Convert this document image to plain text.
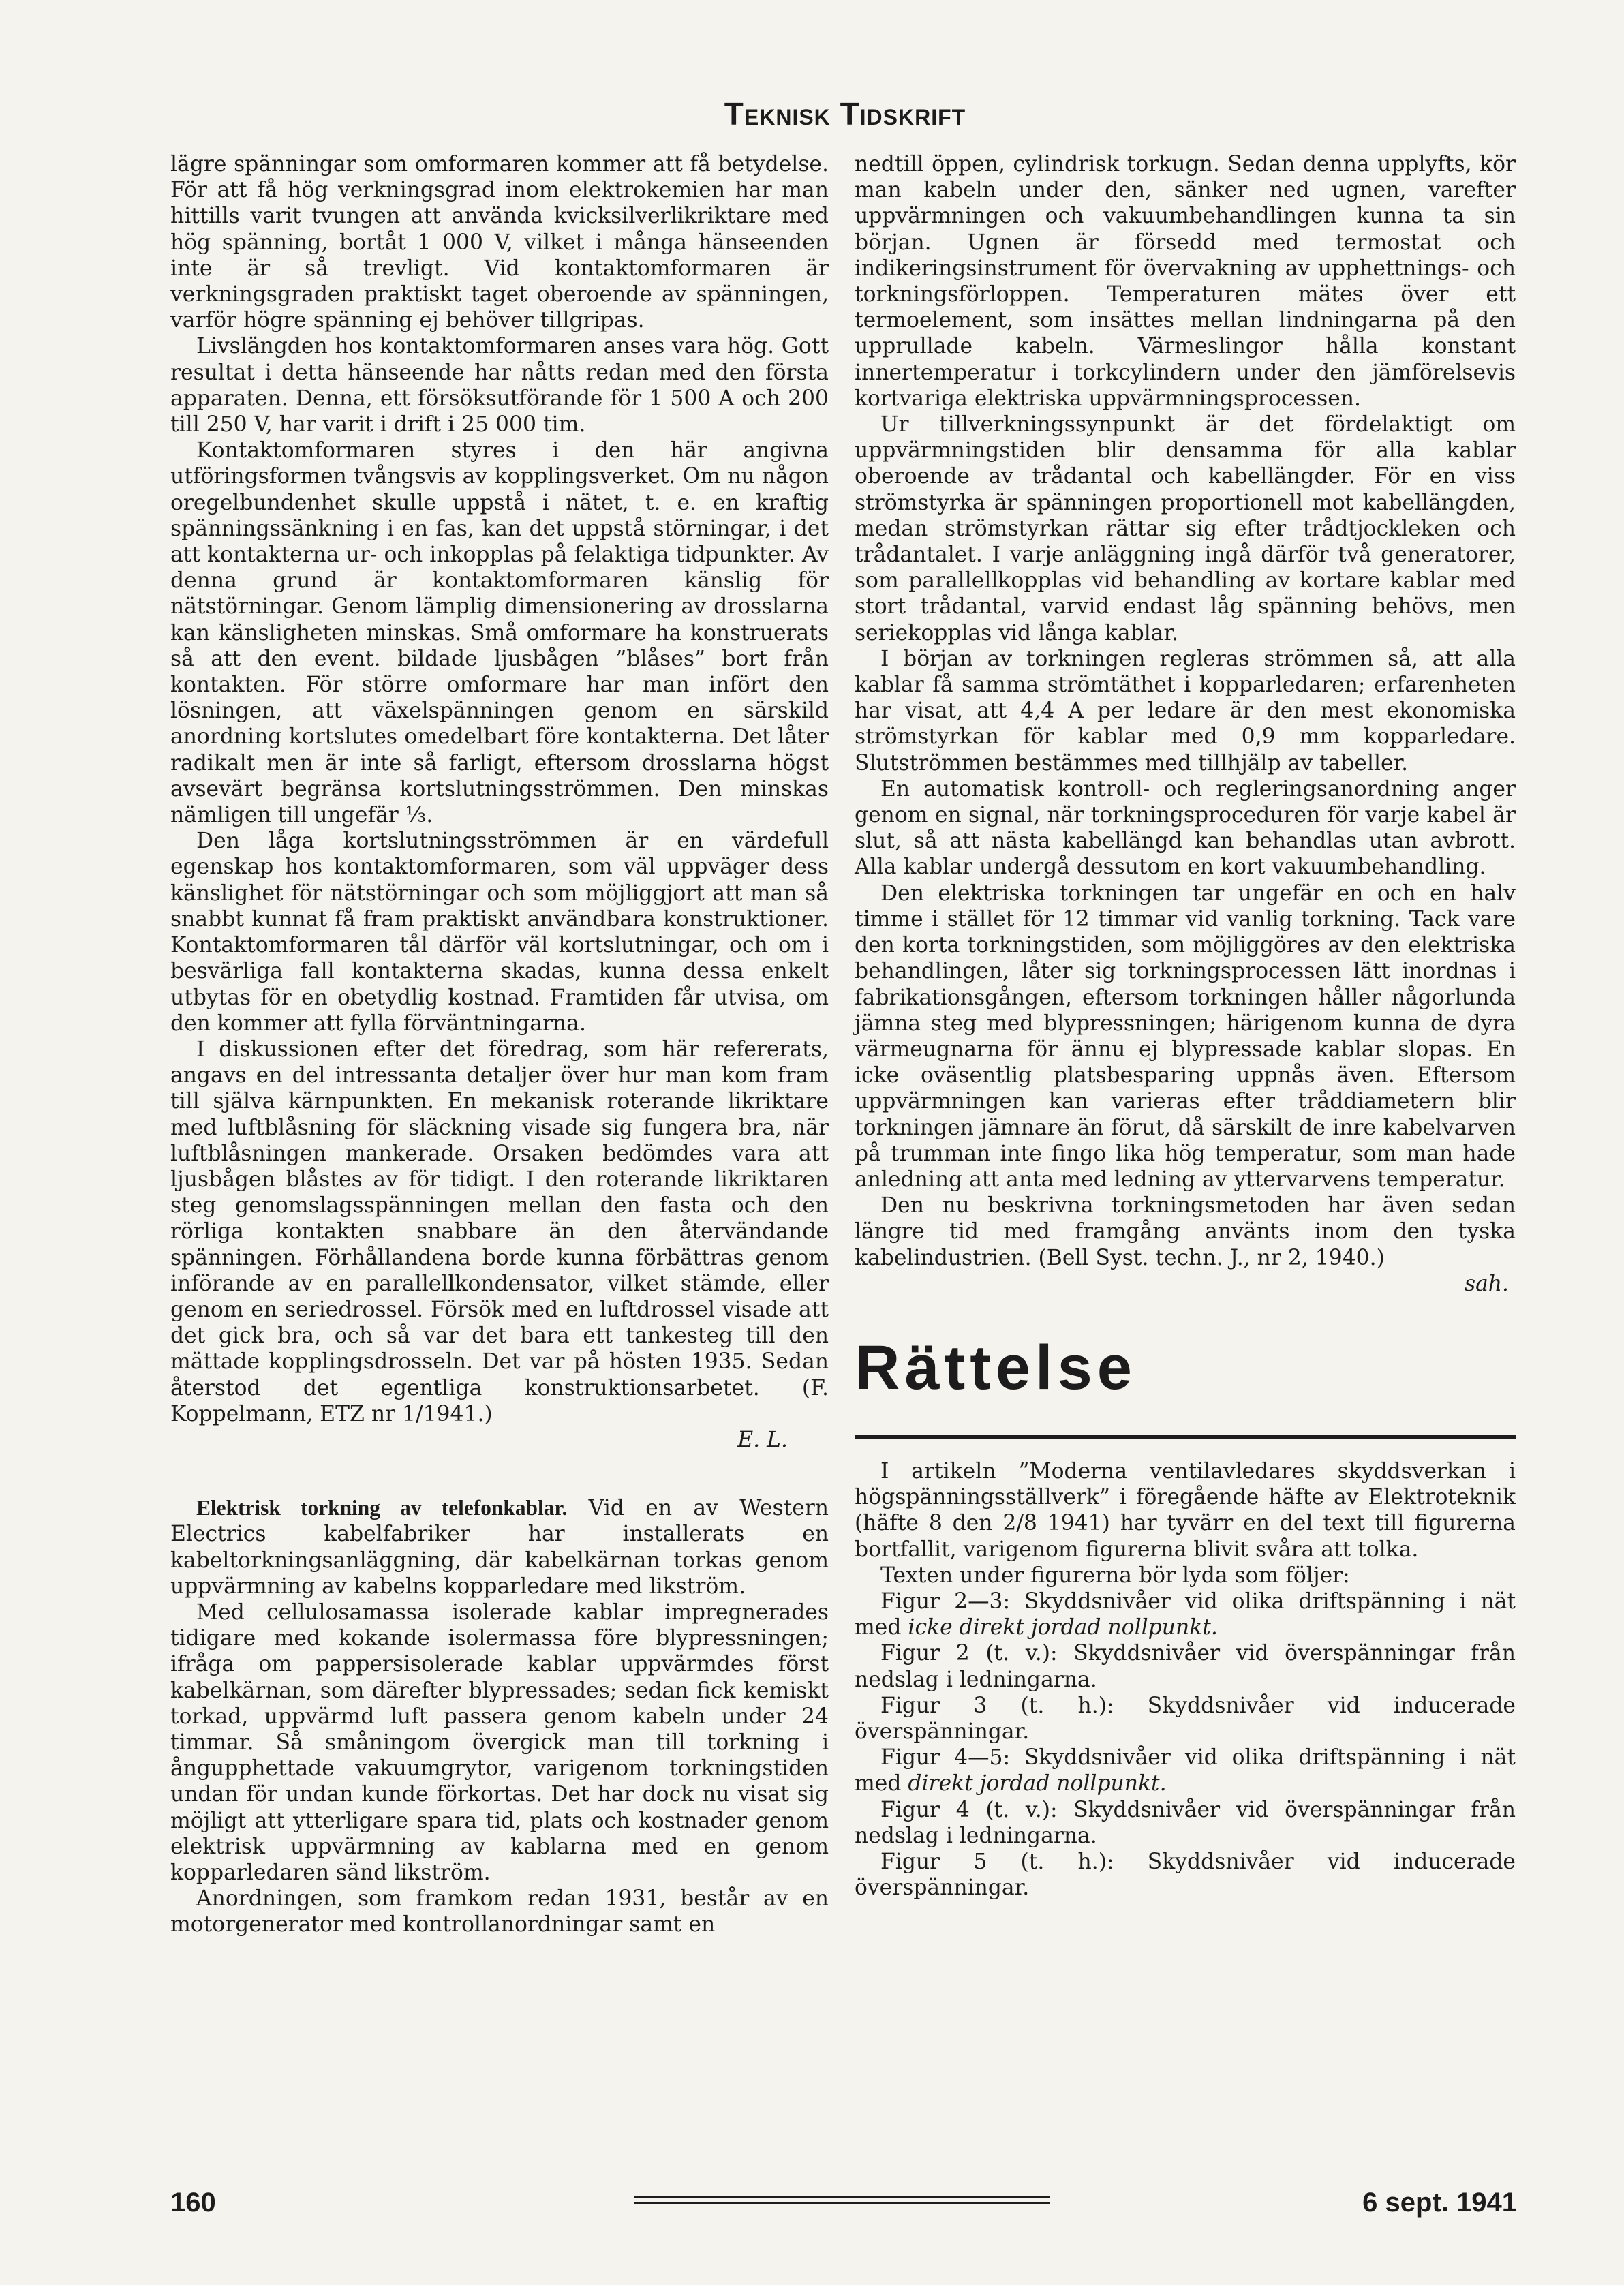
Teknisk Tidskrift

lägre spänningar som omformaren kommer att få betydelse. För att få hög verkningsgrad inom elektrokemien har man hittills varit tvungen att använda kvicksilverlikriktare med hög spänning, bortåt 1 000 V, vilket i många hänseenden inte är så trevligt. Vid kontaktomformaren är verkningsgraden praktiskt taget oberoende av spänningen, varför högre spänning ej behöver tillgripas.

Livslängden hos kontaktomformaren anses vara hög. Gott resultat i detta hänseende har nåtts redan med den första apparaten. Denna, ett försöksutförande för 1 500 A och 200 till 250 V, har varit i drift i 25 000 tim.

Kontaktomformaren styres i den här angivna utföringsformen tvångsvis av kopplingsverket. Om nu någon oregelbundenhet skulle uppstå i nätet, t. e. en kraftig spänningssänkning i en fas, kan det uppstå störningar, i det att kontakterna ur- och inkopplas på felaktiga tidpunkter. Av denna grund är kontaktomformaren känslig för nätstörningar. Genom lämplig dimensionering av drosslarna kan känsligheten minskas. Små omformare ha konstruerats så att den event. bildade ljusbågen ”blåses” bort från kontakten. För större omformare har man infört den lösningen, att växelspänningen genom en särskild anordning kortslutes omedelbart före kontakterna. Det låter radikalt men är inte så farligt, eftersom drosslarna högst avsevärt begränsa kortslutningsströmmen. Den minskas nämligen till ungefär ⅓.

Den låga kortslutningsströmmen är en värdefull egenskap hos kontaktomformaren, som väl uppväger dess känslighet för nätstörningar och som möjliggjort att man så snabbt kunnat få fram praktiskt användbara konstruktioner. Kontaktomformaren tål därför väl kortslutningar, och om i besvärliga fall kontakterna skadas, kunna dessa enkelt utbytas för en obetydlig kostnad. Framtiden får utvisa, om den kommer att fylla förväntningarna.

I diskussionen efter det föredrag, som här refererats, angavs en del intressanta detaljer över hur man kom fram till själva kärnpunkten. En mekanisk roterande likriktare med luftblåsning för släckning visade sig fungera bra, när luftblåsningen mankerade. Orsaken bedömdes vara att ljusbågen blåstes av för tidigt. I den roterande likriktaren steg genomslagsspänningen mellan den fasta och den rörliga kontakten snabbare än den återvändande spänningen. Förhållandena borde kunna förbättras genom införande av en parallellkondensator, vilket stämde, eller genom en seriedrossel. Försök med en luftdrossel visade att det gick bra, och så var det bara ett tankesteg till den mättade kopplingsdrosseln. Det var på hösten 1935. Sedan återstod det egentliga konstruktionsarbetet. (F. Koppelmann, ETZ nr 1/1941.)

E. L.

Elektrisk torkning av telefonkablar. Vid en av Western Electrics kabelfabriker har installerats en kabeltorkningsanläggning, där kabelkärnan torkas genom uppvärmning av kabelns kopparledare med likström.

Med cellulosamassa isolerade kablar impregnerades tidigare med kokande isolermassa före blypressningen; ifråga om pappersisolerade kablar uppvärmdes först kabelkärnan, som därefter blypressades; sedan fick kemiskt torkad, uppvärmd luft passera genom kabeln under 24 timmar. Så småningom övergick man till torkning i ångupphettade vakuumgrytor, varigenom torkningstiden undan för undan kunde förkortas. Det har dock nu visat sig möjligt att ytterligare spara tid, plats och kostnader genom elektrisk uppvärmning av kablarna med en genom kopparledaren sänd likström.

Anordningen, som framkom redan 1931, består av en motorgenerator med kontrollanordningar samt en

nedtill öppen, cylindrisk torkugn. Sedan denna upplyfts, kör man kabeln under den, sänker ned ugnen, varefter uppvärmningen och vakuumbehandlingen kunna ta sin början. Ugnen är försedd med termostat och indikeringsinstrument för övervakning av upphettnings- och torkningsförloppen. Temperaturen mätes över ett termoelement, som insättes mellan lindningarna på den upprullade kabeln. Värmeslingor hålla konstant innertemperatur i torkcylindern under den jämförelsevis kortvariga elektriska uppvärmningsprocessen.

Ur tillverkningssynpunkt är det fördelaktigt om uppvärmningstiden blir densamma för alla kablar oberoende av trådantal och kabellängder. För en viss strömstyrka är spänningen proportionell mot kabellängden, medan strömstyrkan rättar sig efter trådtjockleken och trådantalet. I varje anläggning ingå därför två generatorer, som parallellkopplas vid behandling av kortare kablar med stort trådantal, varvid endast låg spänning behövs, men seriekopplas vid långa kablar.

I början av torkningen regleras strömmen så, att alla kablar få samma strömtäthet i kopparledaren; erfarenheten har visat, att 4,4 A per ledare är den mest ekonomiska strömstyrkan för kablar med 0,9 mm kopparledare. Slutströmmen bestämmes med tillhjälp av tabeller.

En automatisk kontroll- och regleringsanordning anger genom en signal, när torkningsproceduren för varje kabel är slut, så att nästa kabellängd kan behandlas utan avbrott. Alla kablar undergå dessutom en kort vakuumbehandling.

Den elektriska torkningen tar ungefär en och en halv timme i stället för 12 timmar vid vanlig torkning. Tack vare den korta torkningstiden, som möjliggöres av den elektriska behandlingen, låter sig torkningsprocessen lätt inordnas i fabrikationsgången, eftersom torkningen håller någorlunda jämna steg med blypressningen; härigenom kunna de dyra värmeugnarna för ännu ej blypressade kablar slopas. En icke oväsentlig platsbesparing uppnås även. Eftersom uppvärmningen kan varieras efter tråddiametern blir torkningen jämnare än förut, då särskilt de inre kabelvarven på trumman inte fingo lika hög temperatur, som man hade anledning att anta med ledning av yttervarvens temperatur.

Den nu beskrivna torkningsmetoden har även sedan längre tid med framgång använts inom den tyska kabelindustrien. (Bell Syst. techn. J., nr 2, 1940.)

sah.

Rättelse

I artikeln ”Moderna ventilavledares skyddsverkan i högspänningsställverk” i föregående häfte av Elektroteknik (häfte 8 den 2/8 1941) har tyvärr en del text till figurerna bortfallit, varigenom figurerna blivit svåra att tolka.

Texten under figurerna bör lyda som följer:

Figur 2—3: Skyddsnivåer vid olika driftspänning i nät med icke direkt jordad nollpunkt.

Figur 2 (t. v.): Skyddsnivåer vid överspänningar från nedslag i ledningarna.

Figur 3 (t. h.): Skyddsnivåer vid inducerade överspänningar.

Figur 4—5: Skyddsnivåer vid olika driftspänning i nät med direkt jordad nollpunkt.

Figur 4 (t. v.): Skyddsnivåer vid överspänningar från nedslag i ledningarna.

Figur 5 (t. h.): Skyddsnivåer vid inducerade överspänningar.

160	6 sept. 1941
